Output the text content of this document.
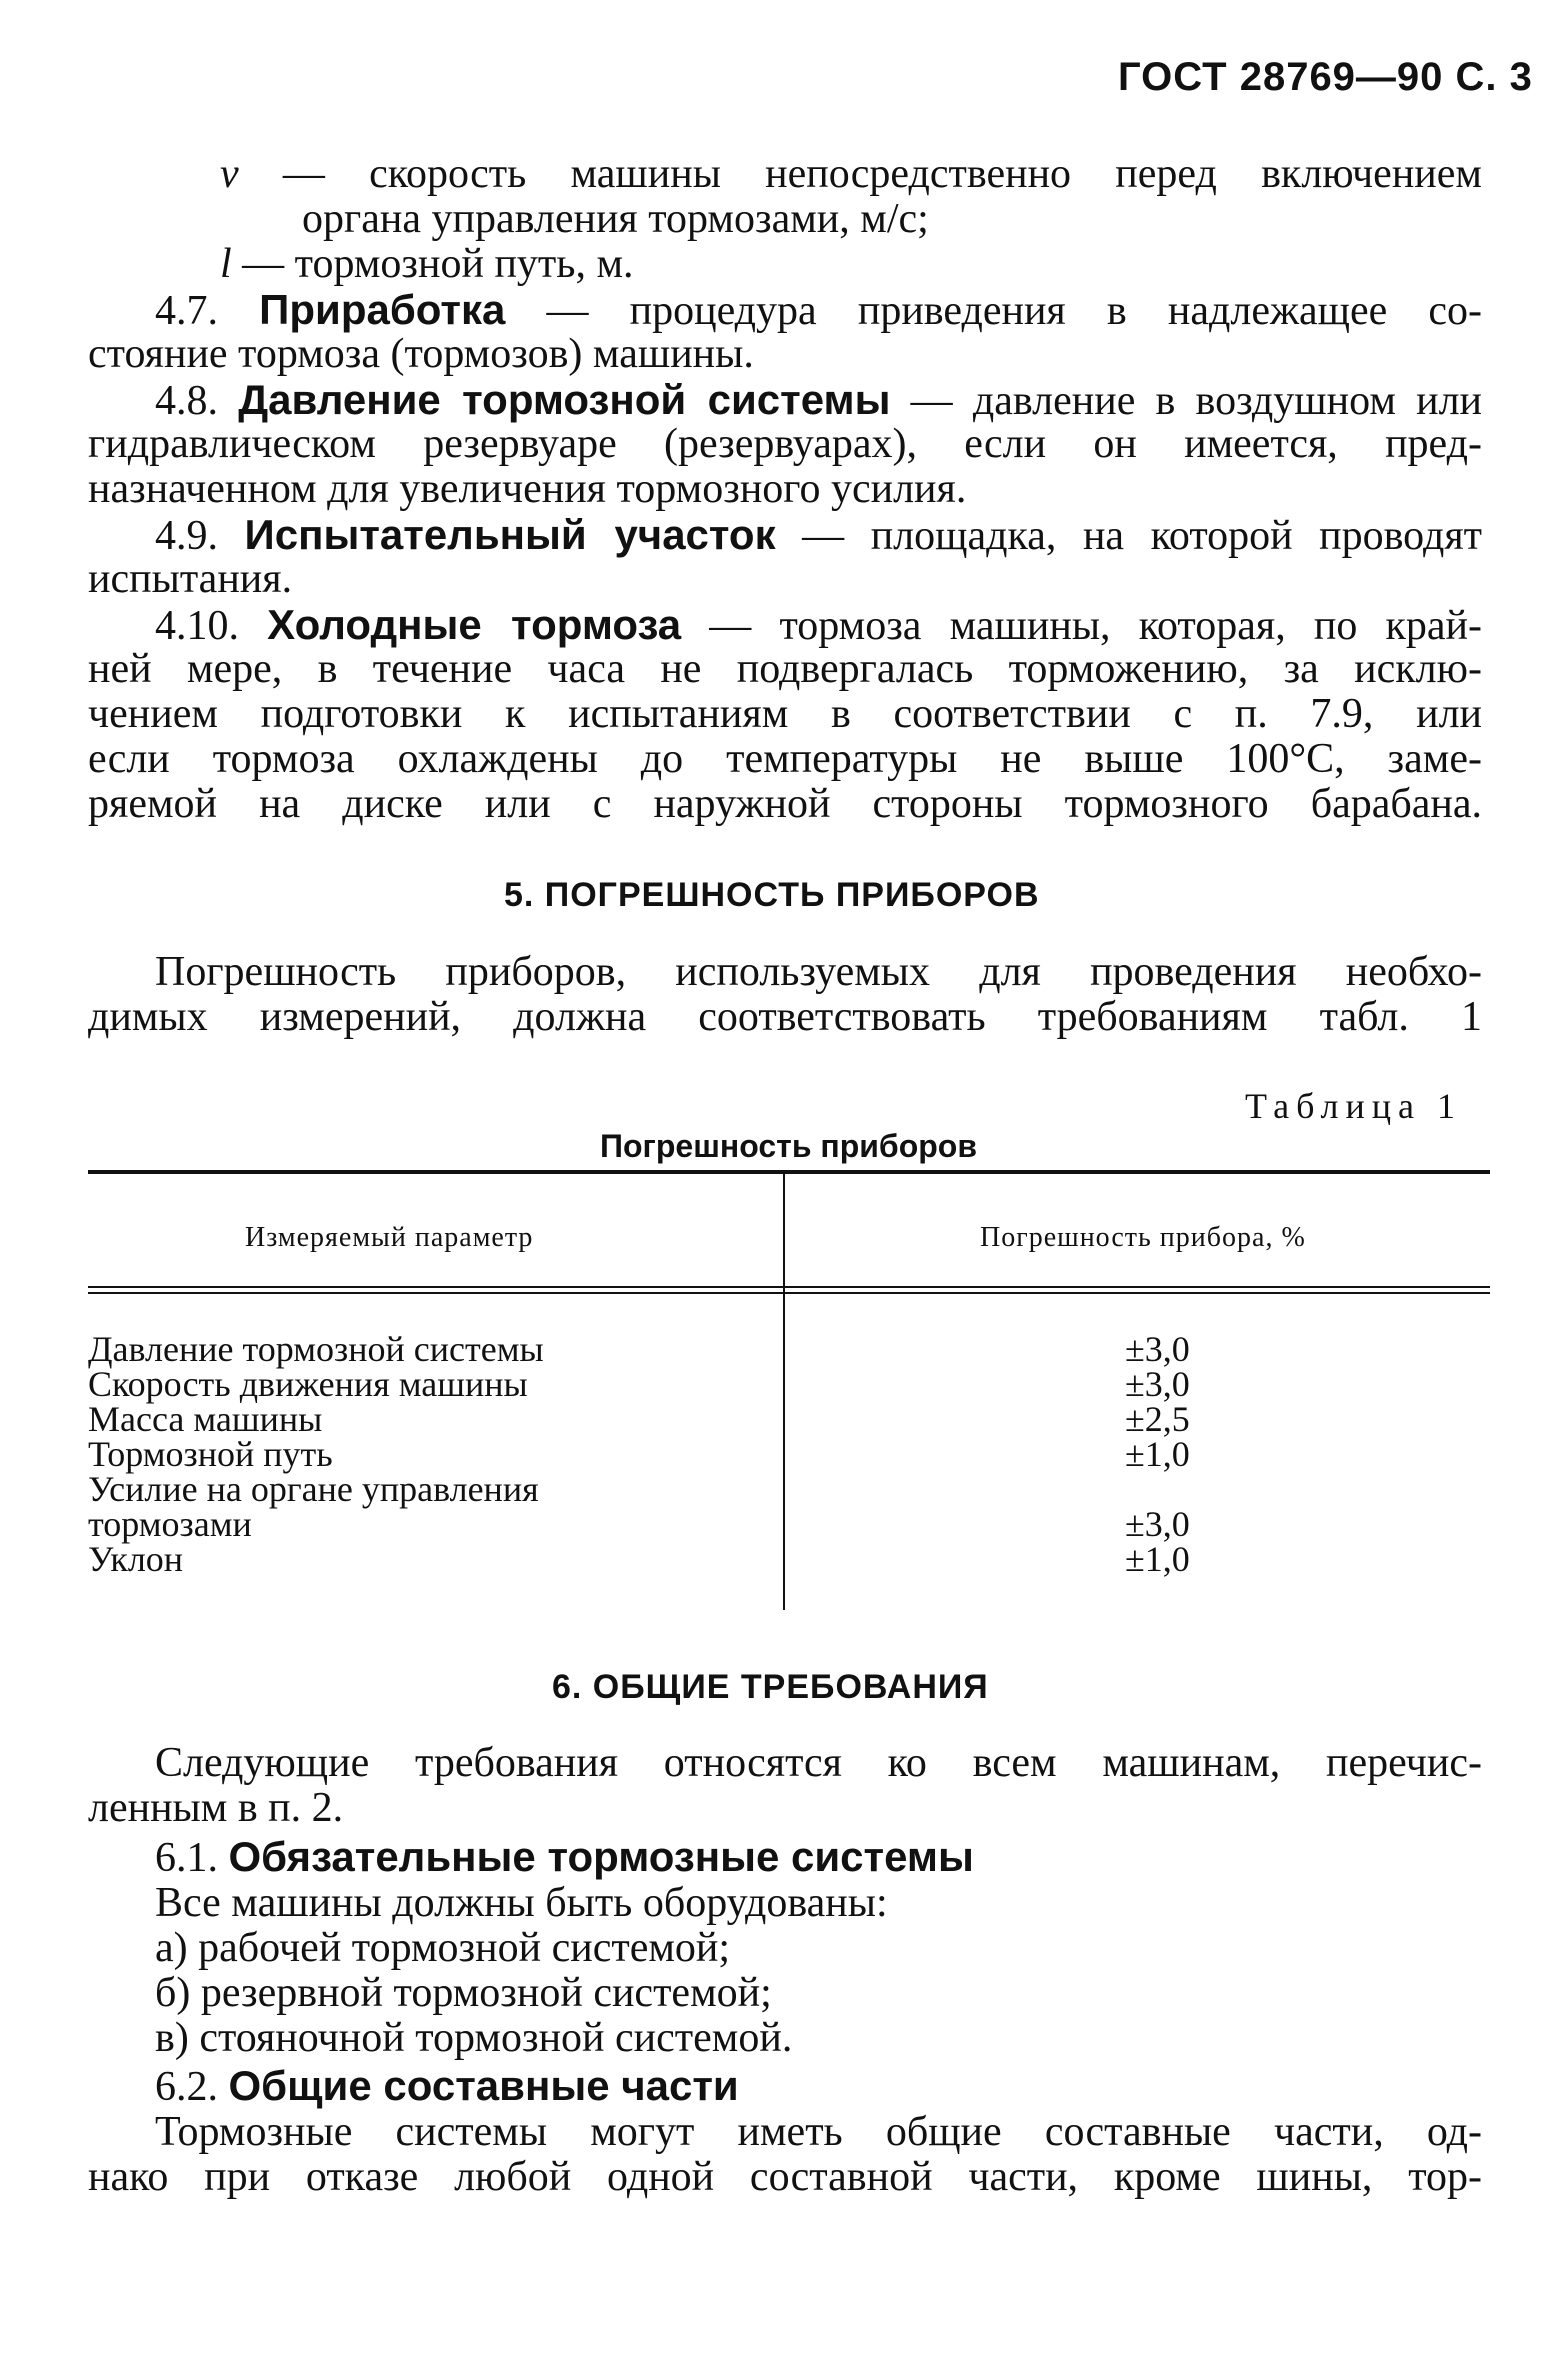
ГОСТ 28769—90 С. 3
v — скорость машины непосредственно перед включением
органа управления тормозами, м/с;
l — тормозной путь, м.
4.7. Приработка — процедура приведения в надлежащее со-
стояние тормоза (тормозов) машины.
4.8. Давление тормозной системы — давление в воздушном или
гидравлическом резервуаре (резервуарах), если он имеется, пред-
назначенном для увеличения тормозного усилия.
4.9. Испытательный участок — площадка, на которой проводят
испытания.
4.10. Холодные тормоза — тормоза машины, которая, по край-
ней мере, в течение часа не подвергалась торможению, за исклю-
чением подготовки к испытаниям в соответствии с п. 7.9, или
если тормоза охлаждены до температуры не выше 100°С, заме-
ряемой на диске или с наружной стороны тормозного барабана.
5. ПОГРЕШНОСТЬ ПРИБОРОВ
Погрешность приборов, используемых для проведения необхо-
димых измерений, должна соответствовать требованиям табл. 1
Таблица 1
Погрешность приборов
Измеряемый параметр	Погрешность прибора, %
Давление тормозной системы	±3,0
Скорость движения машины	±3,0
Масса машины	±2,5
Тормозной путь	±1,0
Усилие на органе управления
тормозами	±3,0
Уклон	±1,0
6. ОБЩИЕ ТРЕБОВАНИЯ
Следующие требования относятся ко всем машинам, перечис-
ленным в п. 2.
6.1. Обязательные тормозные системы
Все машины должны быть оборудованы:
а) рабочей тормозной системой;
б) резервной тормозной системой;
в) стояночной тормозной системой.
6.2. Общие составные части
Тормозные системы могут иметь общие составные части, од-
нако при отказе любой одной составной части, кроме шины, тор-
